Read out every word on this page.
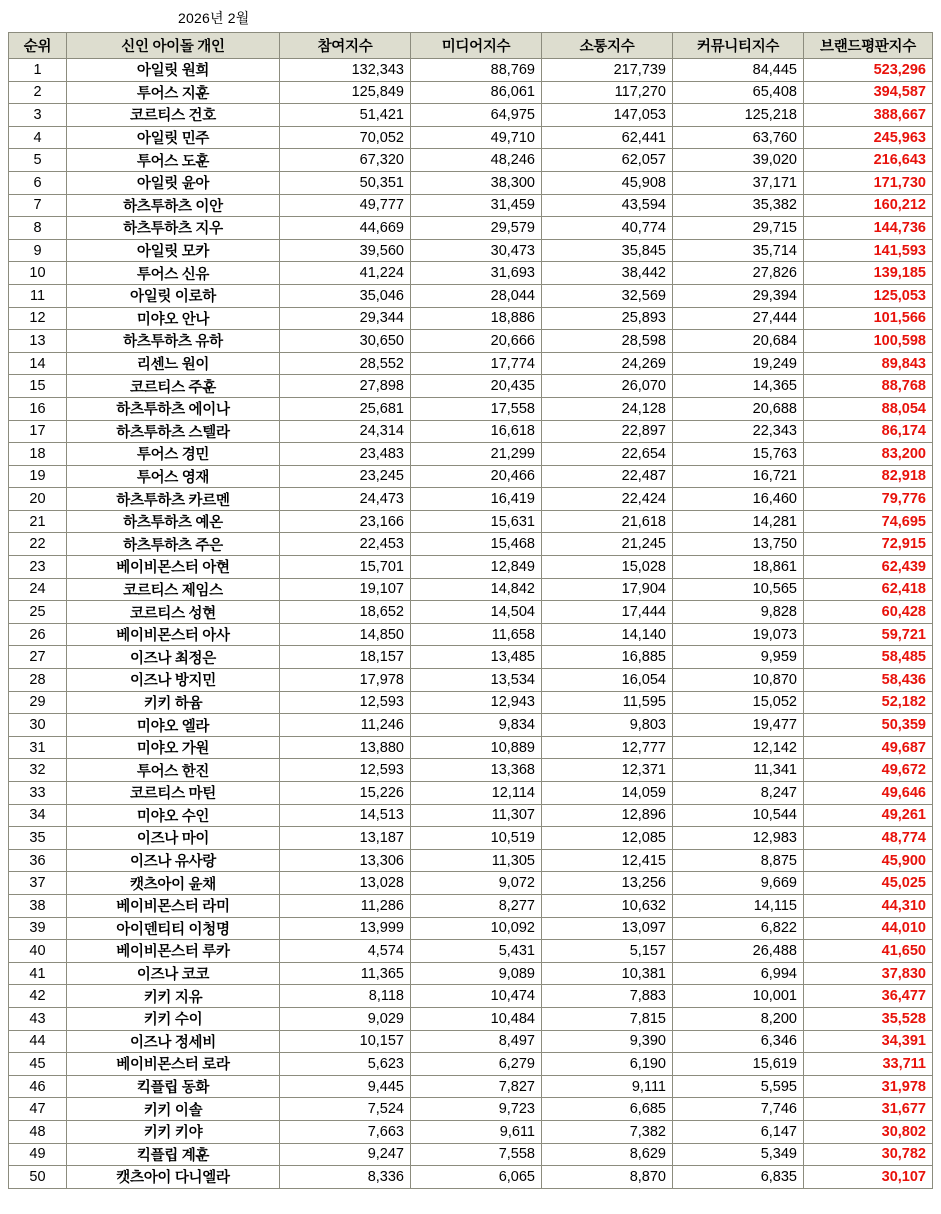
2026년 2월
순위	신인 아이돌 개인	참여지수	미디어지수	소통지수	커뮤니티지수	브랜드평판지수
1	아일릿 원희	132,343	88,769	217,739	84,445	523,296
2	투어스 지훈	125,849	86,061	117,270	65,408	394,587
3	코르티스 건호	51,421	64,975	147,053	125,218	388,667
4	아일릿 민주	70,052	49,710	62,441	63,760	245,963
5	투어스 도훈	67,320	48,246	62,057	39,020	216,643
6	아일릿 윤아	50,351	38,300	45,908	37,171	171,730
7	하츠투하츠 이안	49,777	31,459	43,594	35,382	160,212
8	하츠투하츠 지우	44,669	29,579	40,774	29,715	144,736
9	아일릿 모카	39,560	30,473	35,845	35,714	141,593
10	투어스 신유	41,224	31,693	38,442	27,826	139,185
11	아일릿 이로하	35,046	28,044	32,569	29,394	125,053
12	미야오 안나	29,344	18,886	25,893	27,444	101,566
13	하츠투하츠 유하	30,650	20,666	28,598	20,684	100,598
14	리센느 원이	28,552	17,774	24,269	19,249	89,843
15	코르티스 주훈	27,898	20,435	26,070	14,365	88,768
16	하츠투하츠 에이나	25,681	17,558	24,128	20,688	88,054
17	하츠투하츠 스텔라	24,314	16,618	22,897	22,343	86,174
18	투어스 경민	23,483	21,299	22,654	15,763	83,200
19	투어스 영재	23,245	20,466	22,487	16,721	82,918
20	하츠투하츠 카르멘	24,473	16,419	22,424	16,460	79,776
21	하츠투하츠 예온	23,166	15,631	21,618	14,281	74,695
22	하츠투하츠 주은	22,453	15,468	21,245	13,750	72,915
23	베이비몬스터 아현	15,701	12,849	15,028	18,861	62,439
24	코르티스 제임스	19,107	14,842	17,904	10,565	62,418
25	코르티스 성현	18,652	14,504	17,444	9,828	60,428
26	베이비몬스터 아사	14,850	11,658	14,140	19,073	59,721
27	이즈나 최정은	18,157	13,485	16,885	9,959	58,485
28	이즈나 방지민	17,978	13,534	16,054	10,870	58,436
29	키키 하윰	12,593	12,943	11,595	15,052	52,182
30	미야오 엘라	11,246	9,834	9,803	19,477	50,359
31	미야오 가원	13,880	10,889	12,777	12,142	49,687
32	투어스 한진	12,593	13,368	12,371	11,341	49,672
33	코르티스 마틴	15,226	12,114	14,059	8,247	49,646
34	미야오 수인	14,513	11,307	12,896	10,544	49,261
35	이즈나 마이	13,187	10,519	12,085	12,983	48,774
36	이즈나 유사랑	13,306	11,305	12,415	8,875	45,900
37	캣츠아이 윤채	13,028	9,072	13,256	9,669	45,025
38	베이비몬스터 라미	11,286	8,277	10,632	14,115	44,310
39	아이덴티티 이청명	13,999	10,092	13,097	6,822	44,010
40	베이비몬스터 루카	4,574	5,431	5,157	26,488	41,650
41	이즈나 코코	11,365	9,089	10,381	6,994	37,830
42	키키 지유	8,118	10,474	7,883	10,001	36,477
43	키키 수이	9,029	10,484	7,815	8,200	35,528
44	이즈나 정세비	10,157	8,497	9,390	6,346	34,391
45	베이비몬스터 로라	5,623	6,279	6,190	15,619	33,711
46	킥플립 동화	9,445	7,827	9,111	5,595	31,978
47	키키 이솔	7,524	9,723	6,685	7,746	31,677
48	키키 키야	7,663	9,611	7,382	6,147	30,802
49	킥플립 계훈	9,247	7,558	8,629	5,349	30,782
50	캣츠아이 다니엘라	8,336	6,065	8,870	6,835	30,107
